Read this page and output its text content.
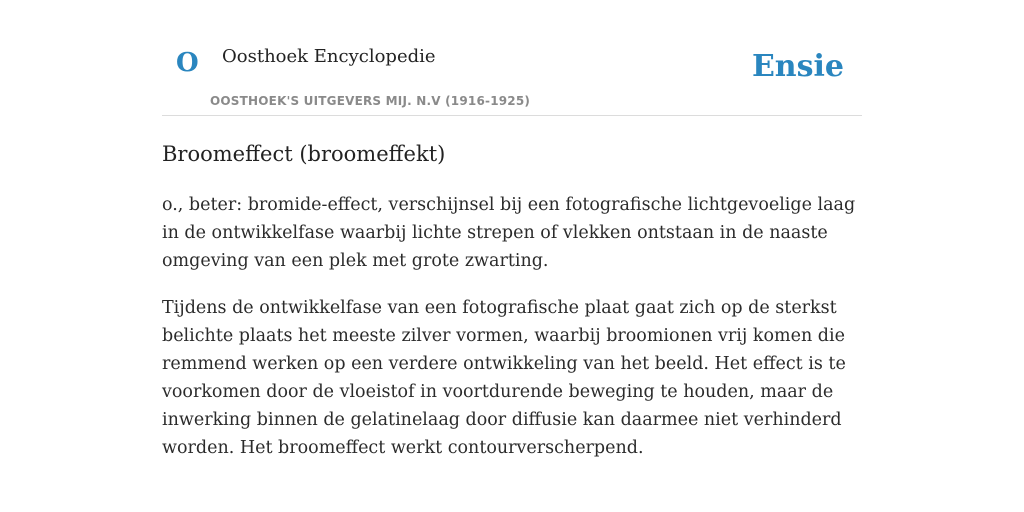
O Oosthoek Encyclopedie
OOSTHOEK'S UITGEVERS MIJ. N.V (1916-1925)
Ensie
Broomeffect (broomeffekt)

o., beter: bromide-effect, verschijnsel bij een fotografische lichtgevoelige laag in de ontwikkelfase waarbij lichte strepen of vlekken ontstaan in de naaste omgeving van een plek met grote zwarting.

Tijdens de ontwikkelfase van een fotografische plaat gaat zich op de sterkst belichte plaats het meeste zilver vormen, waarbij broomionen vrij komen die remmend werken op een verdere ontwikkeling van het beeld. Het effect is te voorkomen door de vloeistof in voortdurende beweging te houden, maar de inwerking binnen de gelatinelaag door diffusie kan daarmee niet verhinderd worden. Het broomeffect werkt contourverscherpend.
